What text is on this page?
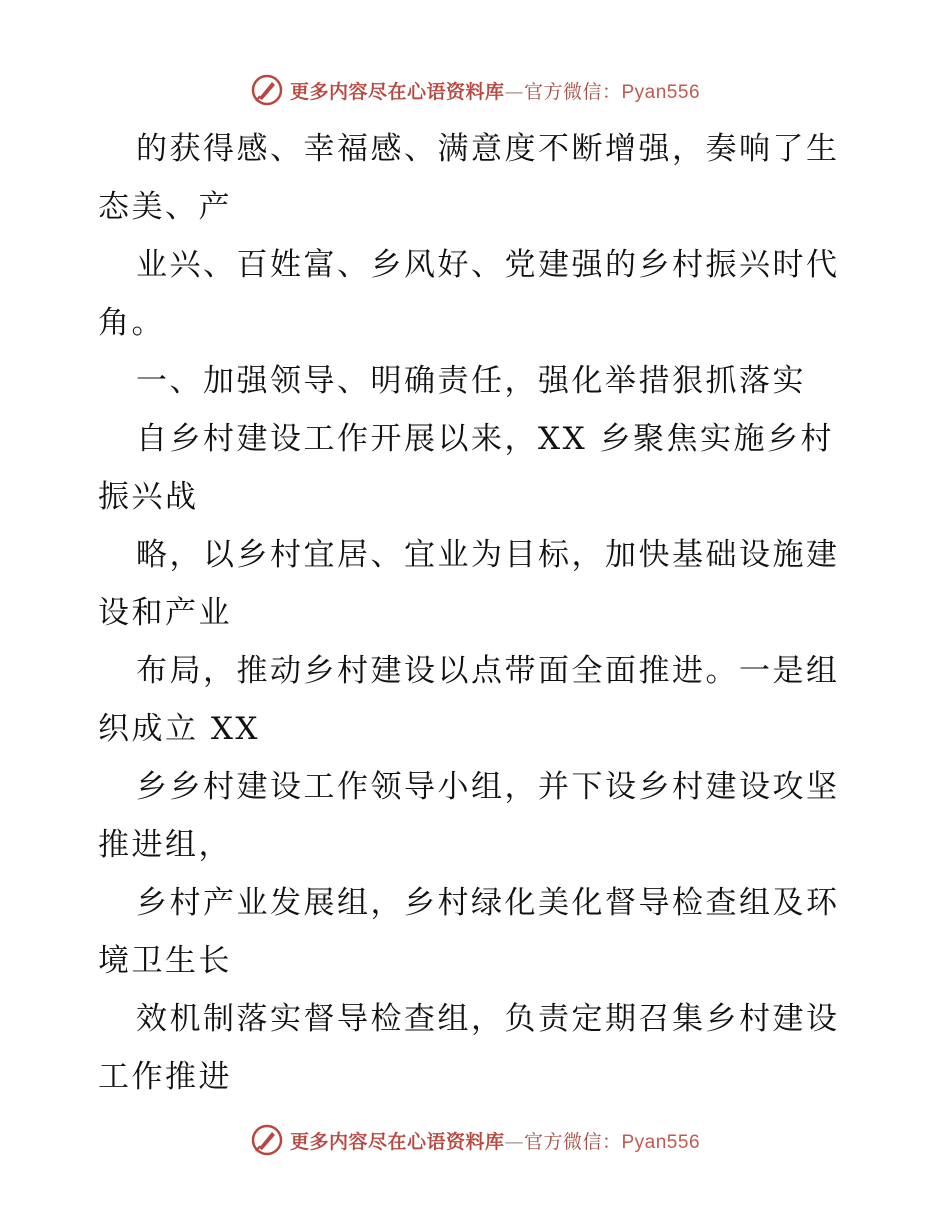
更多内容尽在心语资料库—官方微信：Pyan556
的获得感、幸福感、满意度不断增强，奏响了生
态美、产
业兴、百姓富、乡风好、党建强的乡村振兴时代
角。
一、加强领导、明确责任，强化举措狠抓落实
自乡村建设工作开展以来，XX 乡聚焦实施乡村
振兴战
略，以乡村宜居、宜业为目标，加快基础设施建
设和产业
布局，推动乡村建设以点带面全面推进。一是组
织成立 XX
乡乡村建设工作领导小组，并下设乡村建设攻坚
推进组，
乡村产业发展组，乡村绿化美化督导检查组及环
境卫生长
效机制落实督导检查组，负责定期召集乡村建设
工作推进
更多内容尽在心语资料库—官方微信：Pyan556
